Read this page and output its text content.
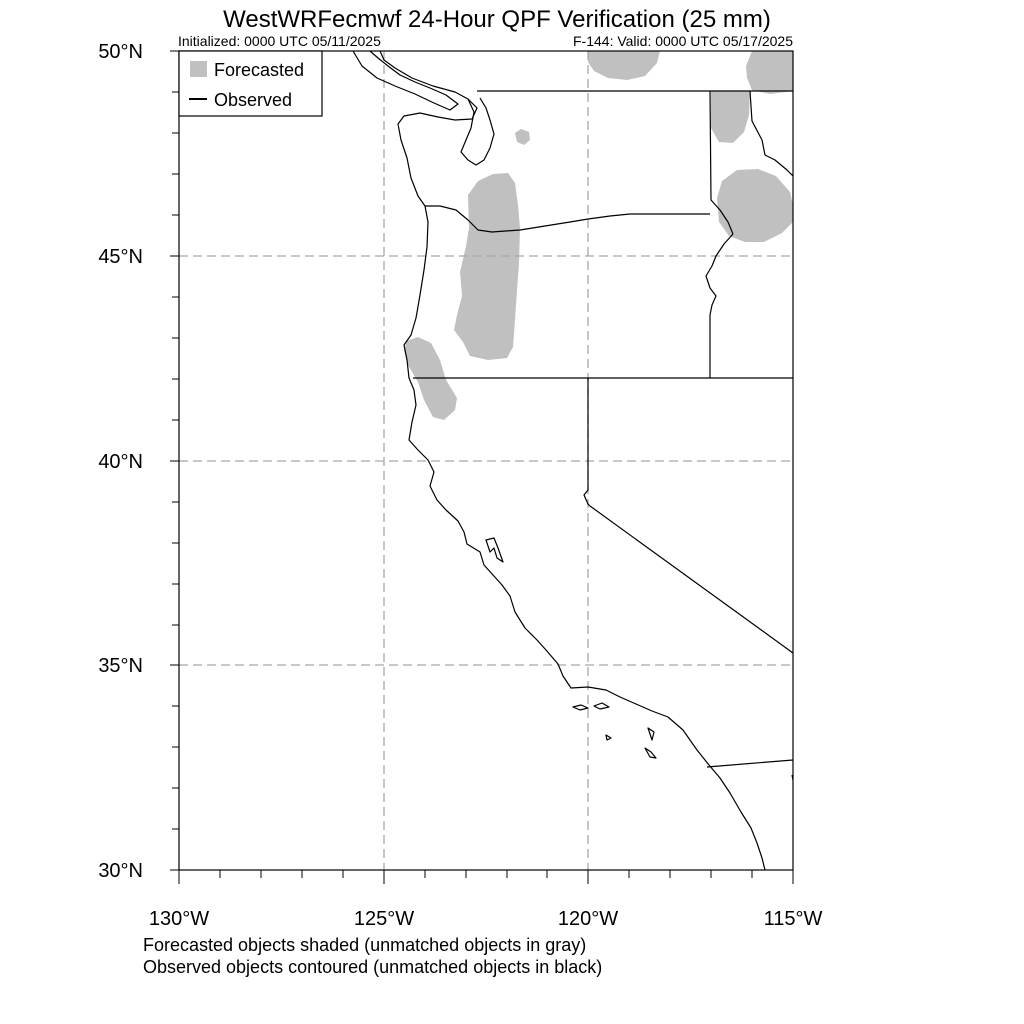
WestWRFecmwf 24-Hour QPF Verification (25 mm)
Initialized: 0000 UTC 05/11/2025	F-144: Valid: 0000 UTC 05/17/2025
50°N
45°N
40°N
35°N
30°N
130°W	125°W	120°W	115°W
Forecasted
Observed
Forecasted objects shaded (unmatched objects in gray)
Observed objects contoured (unmatched objects in black)
